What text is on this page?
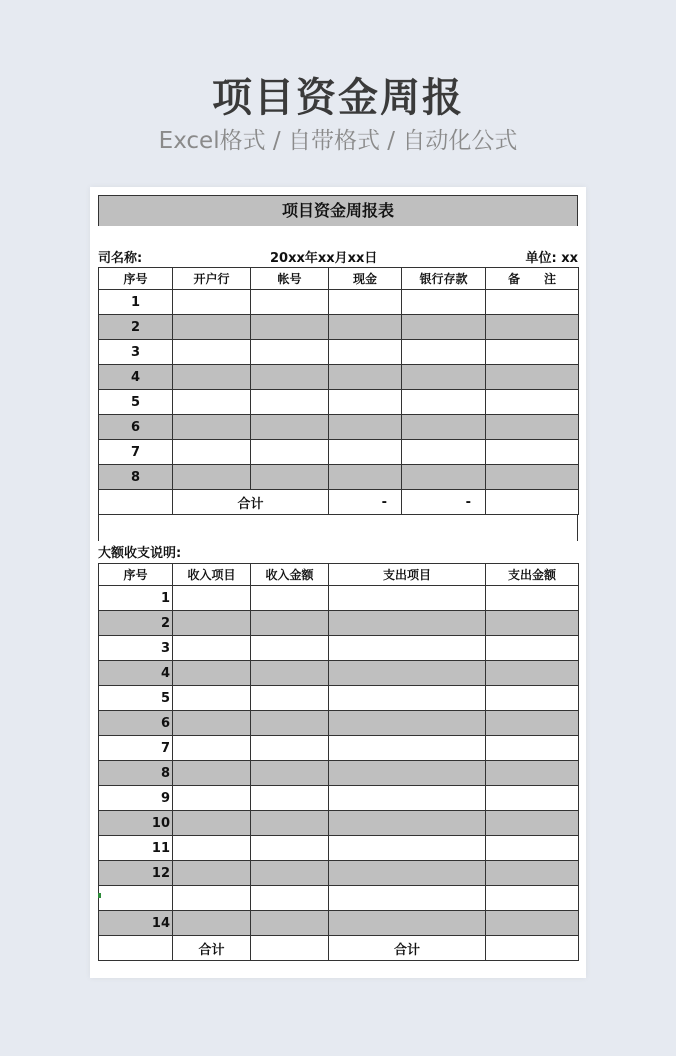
项目资金周报
Excel格式 / 自带格式 / 自动化公式
项目资金周报表
司名称:	20xx年xx月xx日	单位: xx
序号	开户行	帐号	现金	银行存款	备　　注
1					
2					
3					
4					
5					
6					
7					
8					
	合计		-	-	
大额收支说明:
序号	收入项目	收入金额	支出项目	支出金额
1				
2				
3				
4				
5				
6				
7				
8				
9				
10				
11				
12				

14				
	合计		合计	
